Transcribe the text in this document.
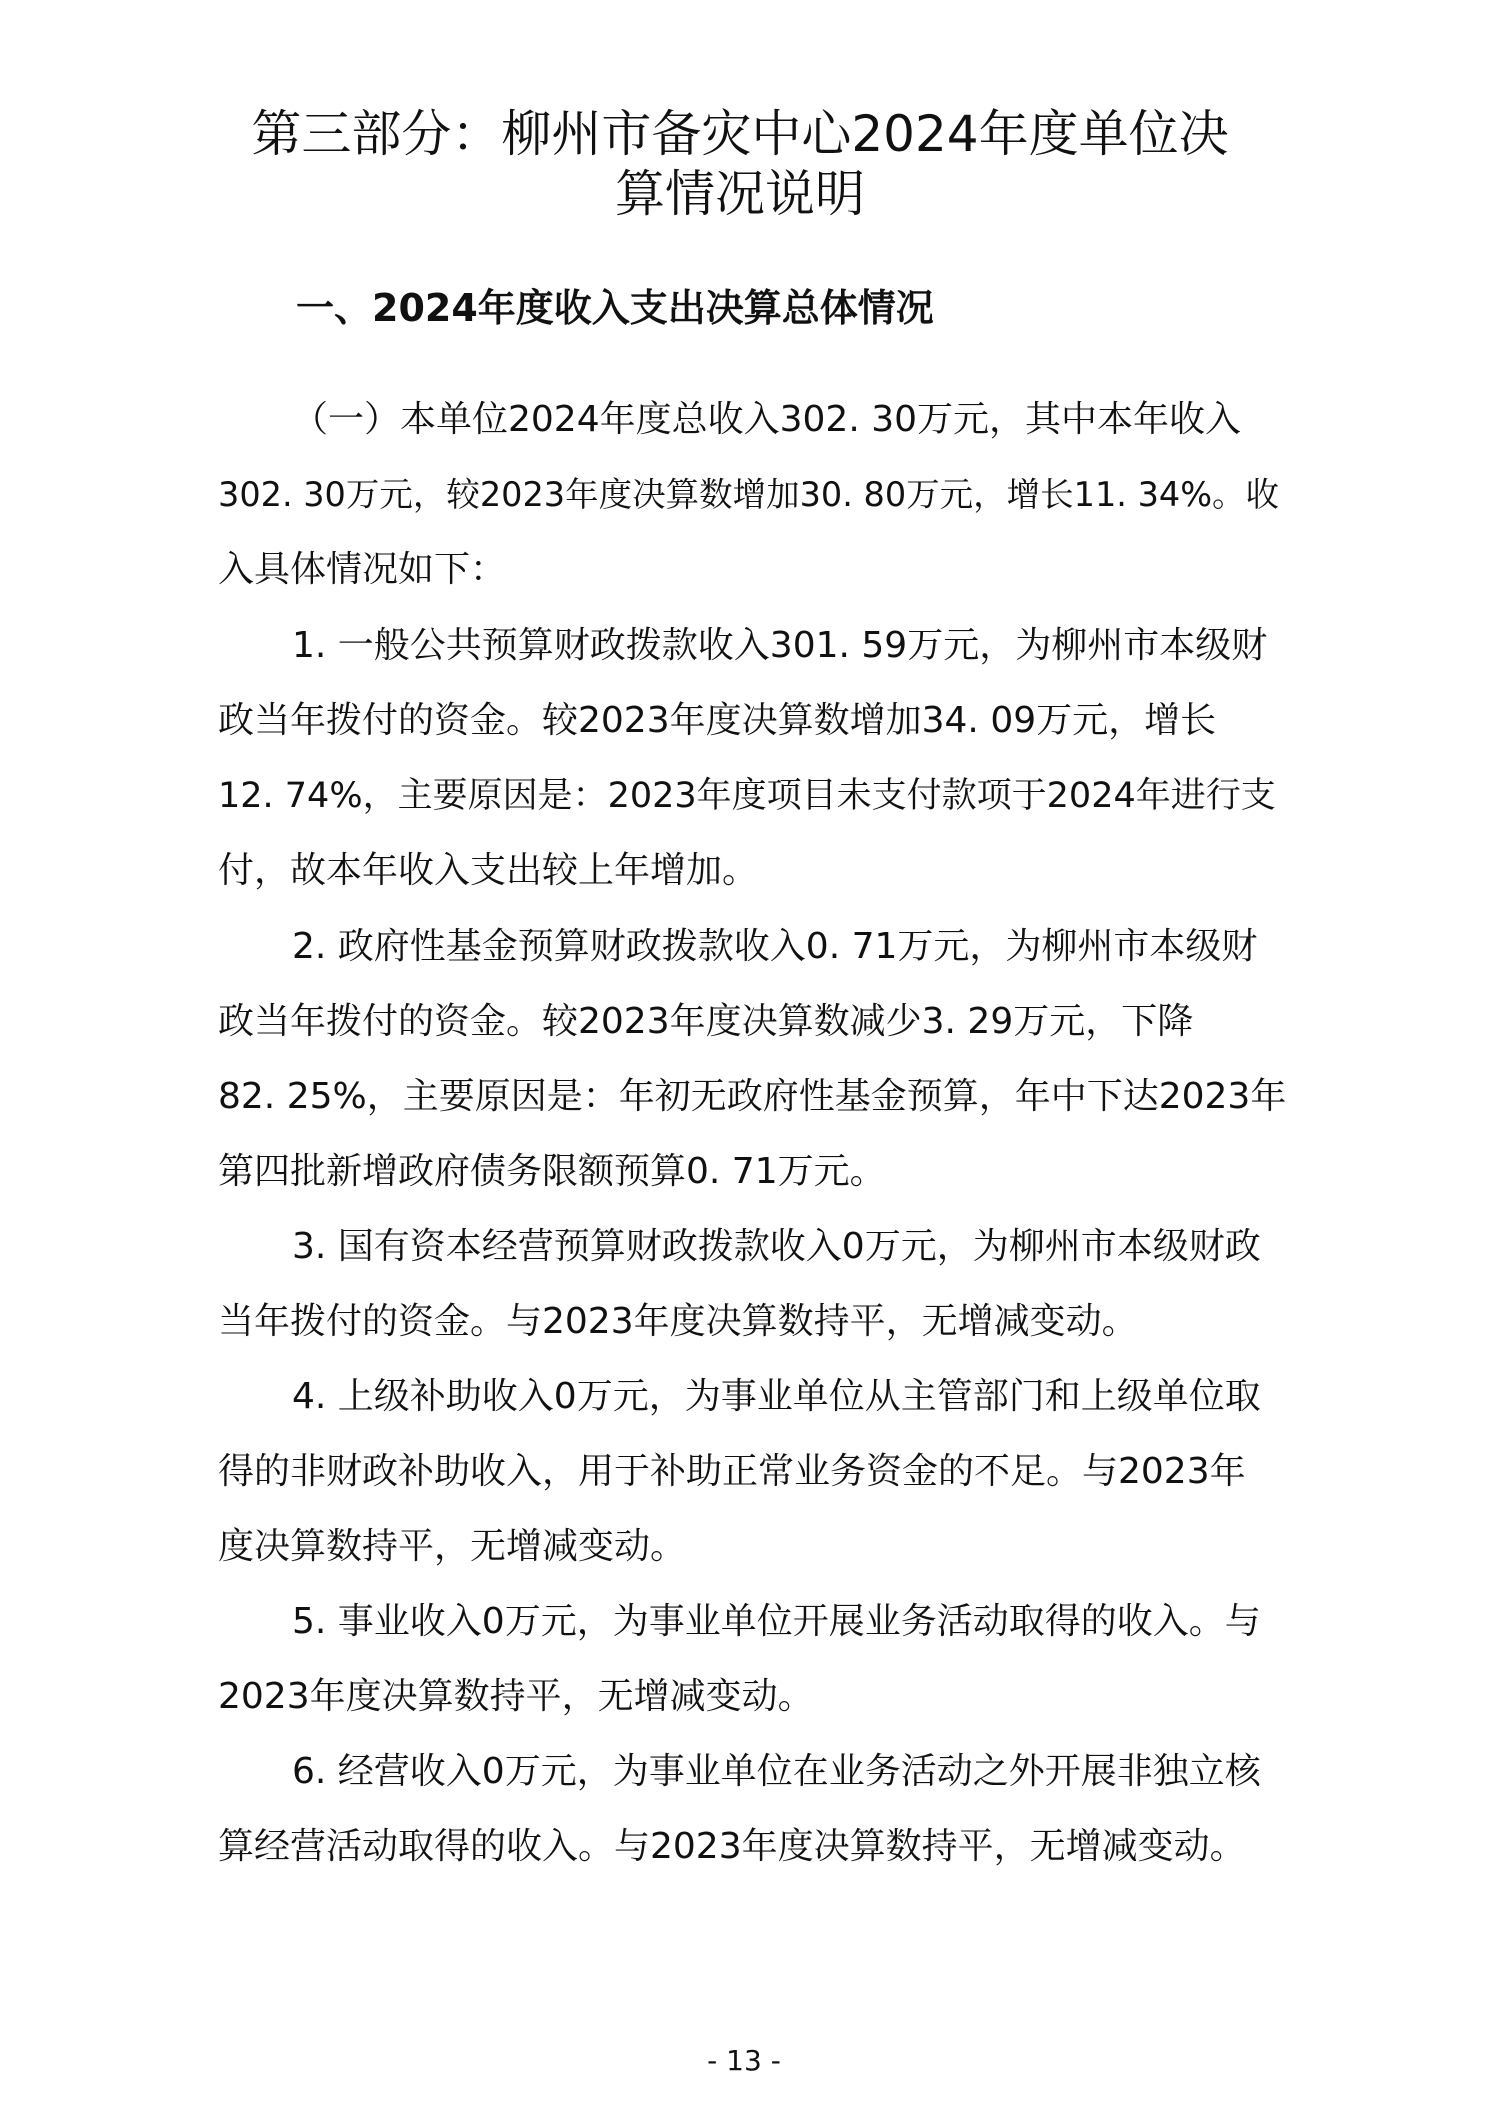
第三部分：柳州市备灾中心2024年度单位决
算情况说明
一、2024年度收入支出决算总体情况

（一）本单位2024年度总收入302. 30万元，其中本年收入

302. 30万元，较2023年度决算数增加30. 80万元，增长11. 34%。收

入具体情况如下：

1. 一般公共预算财政拨款收入301. 59万元，为柳州市本级财

政当年拨付的资金。较2023年度决算数增加34. 09万元，增长

12. 74%，主要原因是：2023年度项目未支付款项于2024年进行支

付，故本年收入支出较上年增加。

2. 政府性基金预算财政拨款收入0. 71万元，为柳州市本级财

政当年拨付的资金。较2023年度决算数减少3. 29万元，下降

82. 25%，主要原因是：年初无政府性基金预算，年中下达2023年

第四批新增政府债务限额预算0. 71万元。

3. 国有资本经营预算财政拨款收入0万元，为柳州市本级财政

当年拨付的资金。与2023年度决算数持平，无增减变动。

4. 上级补助收入0万元，为事业单位从主管部门和上级单位取

得的非财政补助收入，用于补助正常业务资金的不足。与2023年

度决算数持平，无增减变动。

5. 事业收入0万元，为事业单位开展业务活动取得的收入。与

2023年度决算数持平，无增减变动。

6. 经营收入0万元，为事业单位在业务活动之外开展非独立核

算经营活动取得的收入。与2023年度决算数持平，无增减变动。

- 13 -
